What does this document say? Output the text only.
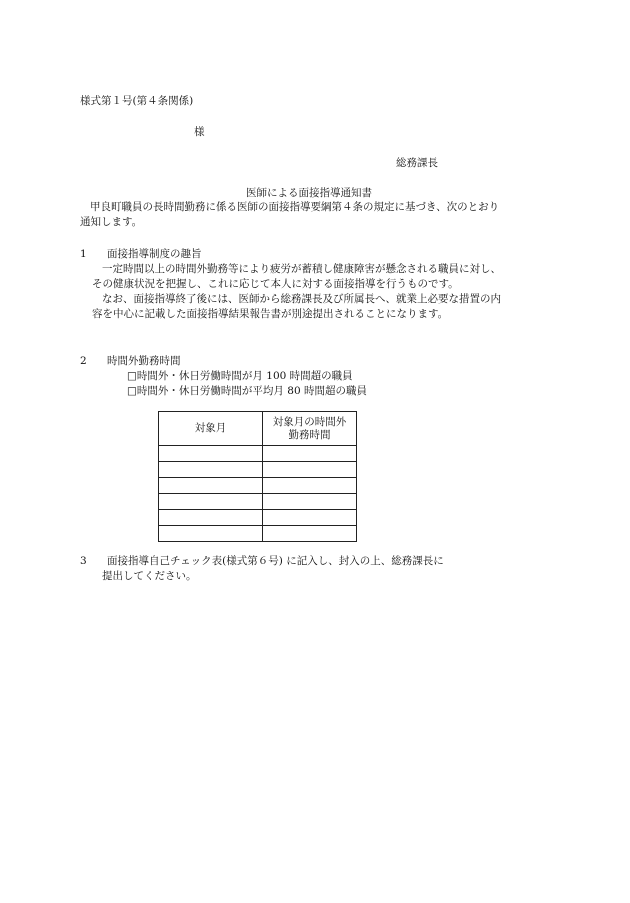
様式第１号(第４条関係)
様
総務課長
医師による面接指導通知書
甲良町職員の長時間勤務に係る医師の面接指導要綱第４条の規定に基づき、次のとおり
通知します。
1 面接指導制度の趣旨
一定時間以上の時間外勤務等により疲労が蓄積し健康障害が懸念される職員に対し、
その健康状況を把握し、これに応じて本人に対する面接指導を行うものです。
なお、面接指導終了後には、医師から総務課長及び所属長へ、就業上必要な措置の内
容を中心に記載した面接指導結果報告書が別途提出されることになります。
2 時間外勤務時間
□時間外・休日労働時間が月 100 時間超の職員
□時間外・休日労働時間が平均月 80 時間超の職員
対象月	対象月の時間外
勤務時間

3 面接指導自己チェック表(様式第６号) に記入し、封入の上、総務課長に
提出してください。
